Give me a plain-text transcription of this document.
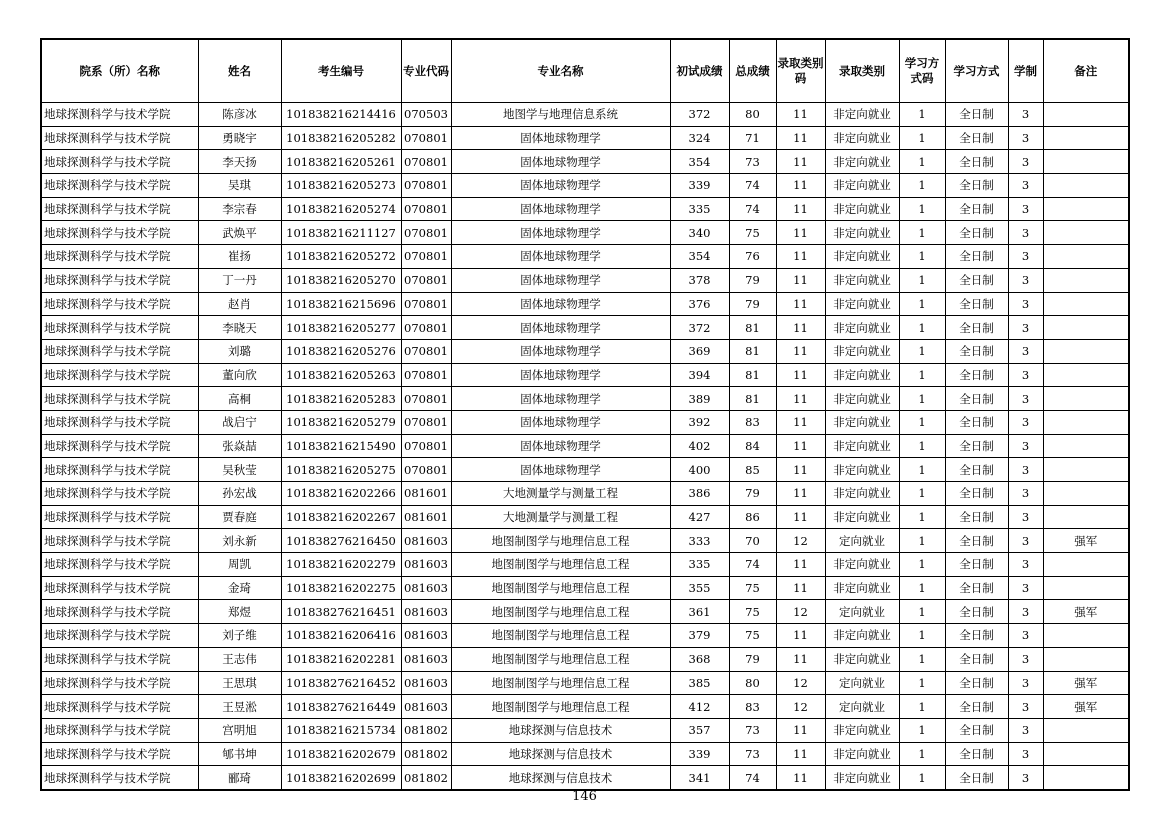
院系（所）名称	姓名	考生编号	专业代码	专业名称	初试成绩	总成绩	录取类别码	录取类别	学习方式码	学习方式	学制	备注
地球探测科学与技术学院	陈彦冰	101838216214416	070503	地图学与地理信息系统	372	80	11	非定向就业	1	全日制	3	
地球探测科学与技术学院	勇晓宇	101838216205282	070801	固体地球物理学	324	71	11	非定向就业	1	全日制	3	
地球探测科学与技术学院	李天扬	101838216205261	070801	固体地球物理学	354	73	11	非定向就业	1	全日制	3	
地球探测科学与技术学院	吴琪	101838216205273	070801	固体地球物理学	339	74	11	非定向就业	1	全日制	3	
地球探测科学与技术学院	李宗春	101838216205274	070801	固体地球物理学	335	74	11	非定向就业	1	全日制	3	
地球探测科学与技术学院	武焕平	101838216211127	070801	固体地球物理学	340	75	11	非定向就业	1	全日制	3	
地球探测科学与技术学院	崔扬	101838216205272	070801	固体地球物理学	354	76	11	非定向就业	1	全日制	3	
地球探测科学与技术学院	丁一丹	101838216205270	070801	固体地球物理学	378	79	11	非定向就业	1	全日制	3	
地球探测科学与技术学院	赵肖	101838216215696	070801	固体地球物理学	376	79	11	非定向就业	1	全日制	3	
地球探测科学与技术学院	李晓天	101838216205277	070801	固体地球物理学	372	81	11	非定向就业	1	全日制	3	
地球探测科学与技术学院	刘璐	101838216205276	070801	固体地球物理学	369	81	11	非定向就业	1	全日制	3	
地球探测科学与技术学院	董向欣	101838216205263	070801	固体地球物理学	394	81	11	非定向就业	1	全日制	3	
地球探测科学与技术学院	高桐	101838216205283	070801	固体地球物理学	389	81	11	非定向就业	1	全日制	3	
地球探测科学与技术学院	战启宁	101838216205279	070801	固体地球物理学	392	83	11	非定向就业	1	全日制	3	
地球探测科学与技术学院	张焱喆	101838216215490	070801	固体地球物理学	402	84	11	非定向就业	1	全日制	3	
地球探测科学与技术学院	吴秋莹	101838216205275	070801	固体地球物理学	400	85	11	非定向就业	1	全日制	3	
地球探测科学与技术学院	孙宏战	101838216202266	081601	大地测量学与测量工程	386	79	11	非定向就业	1	全日制	3	
地球探测科学与技术学院	贾春庭	101838216202267	081601	大地测量学与测量工程	427	86	11	非定向就业	1	全日制	3	
地球探测科学与技术学院	刘永新	101838276216450	081603	地图制图学与地理信息工程	333	70	12	定向就业	1	全日制	3	强军
地球探测科学与技术学院	周凯	101838216202279	081603	地图制图学与地理信息工程	335	74	11	非定向就业	1	全日制	3	
地球探测科学与技术学院	金琦	101838216202275	081603	地图制图学与地理信息工程	355	75	11	非定向就业	1	全日制	3	
地球探测科学与技术学院	郑煜	101838276216451	081603	地图制图学与地理信息工程	361	75	12	定向就业	1	全日制	3	强军
地球探测科学与技术学院	刘子维	101838216206416	081603	地图制图学与地理信息工程	379	75	11	非定向就业	1	全日制	3	
地球探测科学与技术学院	王志伟	101838216202281	081603	地图制图学与地理信息工程	368	79	11	非定向就业	1	全日制	3	
地球探测科学与技术学院	王思琪	101838276216452	081603	地图制图学与地理信息工程	385	80	12	定向就业	1	全日制	3	强军
地球探测科学与技术学院	王昱淞	101838276216449	081603	地图制图学与地理信息工程	412	83	12	定向就业	1	全日制	3	强军
地球探测科学与技术学院	宫明旭	101838216215734	081802	地球探测与信息技术	357	73	11	非定向就业	1	全日制	3	
地球探测科学与技术学院	郇书坤	101838216202679	081802	地球探测与信息技术	339	73	11	非定向就业	1	全日制	3	
地球探测科学与技术学院	郦琦	101838216202699	081802	地球探测与信息技术	341	74	11	非定向就业	1	全日制	3	
146
